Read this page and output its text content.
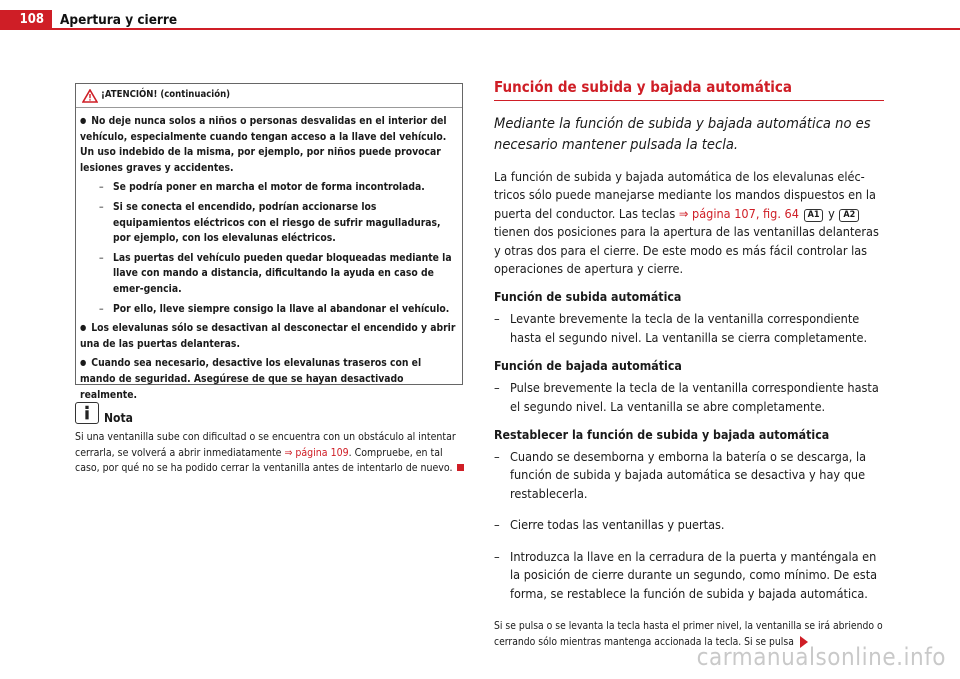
108	Apertura y cierre
¡ATENCIÓN! (continuación)

● No deje nunca solos a niños o personas desvalidas en el interior del vehículo, especialmente cuando tengan acceso a la llave del vehículo. Un uso indebido de la misma, por ejemplo, por niños puede provocar lesiones graves y accidentes.

– Se podría poner en marcha el motor de forma incontrolada.

– Si se conecta el encendido, podrían accionarse los equipamientos eléctricos con el riesgo de sufrir magulladuras, por ejemplo, con los elevalunas eléctricos.

– Las puertas del vehículo pueden quedar bloqueadas mediante la llave con mando a distancia, dificultando la ayuda en caso de emer-gencia.

– Por ello, lleve siempre consigo la llave al abandonar el vehículo.

● Los elevalunas sólo se desactivan al desconectar el encendido y abrir una de las puertas delanteras.

● Cuando sea necesario, desactive los elevalunas traseros con el mando de seguridad. Asegúrese de que se hayan desactivado realmente.

Nota
Si una ventanilla sube con dificultad o se encuentra con un obstáculo al intentar cerrarla, se volverá a abrir inmediatamente ⇒ página 109. Compruebe, en tal caso, por qué no se ha podido cerrar la ventanilla antes de intentarlo de nuevo.
Función de subida y bajada automática
Mediante la función de subida y bajada automática no es necesario mantener pulsada la tecla.
La función de subida y bajada automática de los elevalunas eléc-tricos sólo puede manejarse mediante los mandos dispuestos en la puerta del conductor. Las teclas ⇒ página 107, fig. 64 A1 y A2 tienen dos posiciones para la apertura de las ventanillas delanteras y otras dos para el cierre. De este modo es más fácil controlar las operaciones de apertura y cierre.
Función de subida automática
– Levante brevemente la tecla de la ventanilla correspondiente hasta el segundo nivel. La ventanilla se cierra completamente.
Función de bajada automática
– Pulse brevemente la tecla de la ventanilla correspondiente hasta el segundo nivel. La ventanilla se abre completamente.
Restablecer la función de subida y bajada automática
– Cuando se desemborna y emborna la batería o se descarga, la función de subida y bajada automática se desactiva y hay que restablecerla.
– Cierre todas las ventanillas y puertas.
– Introduzca la llave en la cerradura de la puerta y manténgala en la posición de cierre durante un segundo, como mínimo. De esta forma, se restablece la función de subida y bajada automática.
Si se pulsa o se levanta la tecla hasta el primer nivel, la ventanilla se irá abriendo o cerrando sólo mientras mantenga accionada la tecla. Si se pulsa
carmanualsonline.info
